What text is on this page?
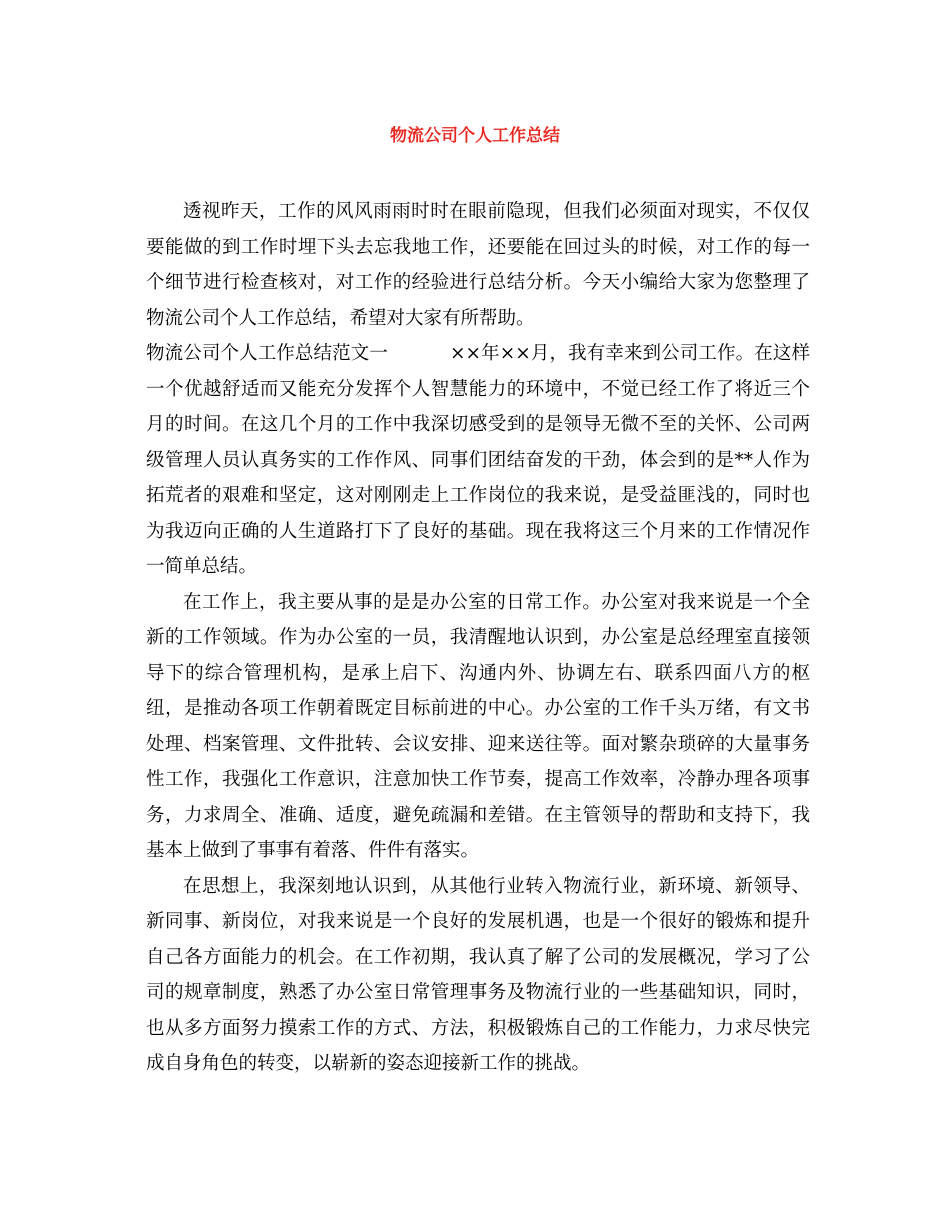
物流公司个人工作总结

透视昨天，工作的风风雨雨时时在眼前隐现，但我们必须面对现实，不仅仅要能做的到工作时埋下头去忘我地工作，还要能在回过头的时候，对工作的每一个细节进行检查核对，对工作的经验进行总结分析。今天小编给大家为您整理了物流公司个人工作总结，希望对大家有所帮助。

物流公司个人工作总结范文一	××年××月，我有幸来到公司工作。在这样一个优越舒适而又能充分发挥个人智慧能力的环境中，不觉已经工作了将近三个月的时间。在这几个月的工作中我深切感受到的是领导无微不至的关怀、公司两级管理人员认真务实的工作作风、同事们团结奋发的干劲，体会到的是**人作为拓荒者的艰难和坚定，这对刚刚走上工作岗位的我来说，是受益匪浅的，同时也为我迈向正确的人生道路打下了良好的基础。现在我将这三个月来的工作情况作一简单总结。

在工作上，我主要从事的是是办公室的日常工作。办公室对我来说是一个全新的工作领域。作为办公室的一员，我清醒地认识到，办公室是总经理室直接领导下的综合管理机构，是承上启下、沟通内外、协调左右、联系四面八方的枢纽，是推动各项工作朝着既定目标前进的中心。办公室的工作千头万绪，有文书处理、档案管理、文件批转、会议安排、迎来送往等。面对繁杂琐碎的大量事务性工作，我强化工作意识，注意加快工作节奏，提高工作效率，冷静办理各项事务，力求周全、准确、适度，避免疏漏和差错。在主管领导的帮助和支持下，我基本上做到了事事有着落、件件有落实。

在思想上，我深刻地认识到，从其他行业转入物流行业，新环境、新领导、新同事、新岗位，对我来说是一个良好的发展机遇，也是一个很好的锻炼和提升自己各方面能力的机会。在工作初期，我认真了解了公司的发展概况，学习了公司的规章制度，熟悉了办公室日常管理事务及物流行业的一些基础知识，同时，也从多方面努力摸索工作的方式、方法，积极锻炼自己的工作能力，力求尽快完成自身角色的转变，以崭新的姿态迎接新工作的挑战。
